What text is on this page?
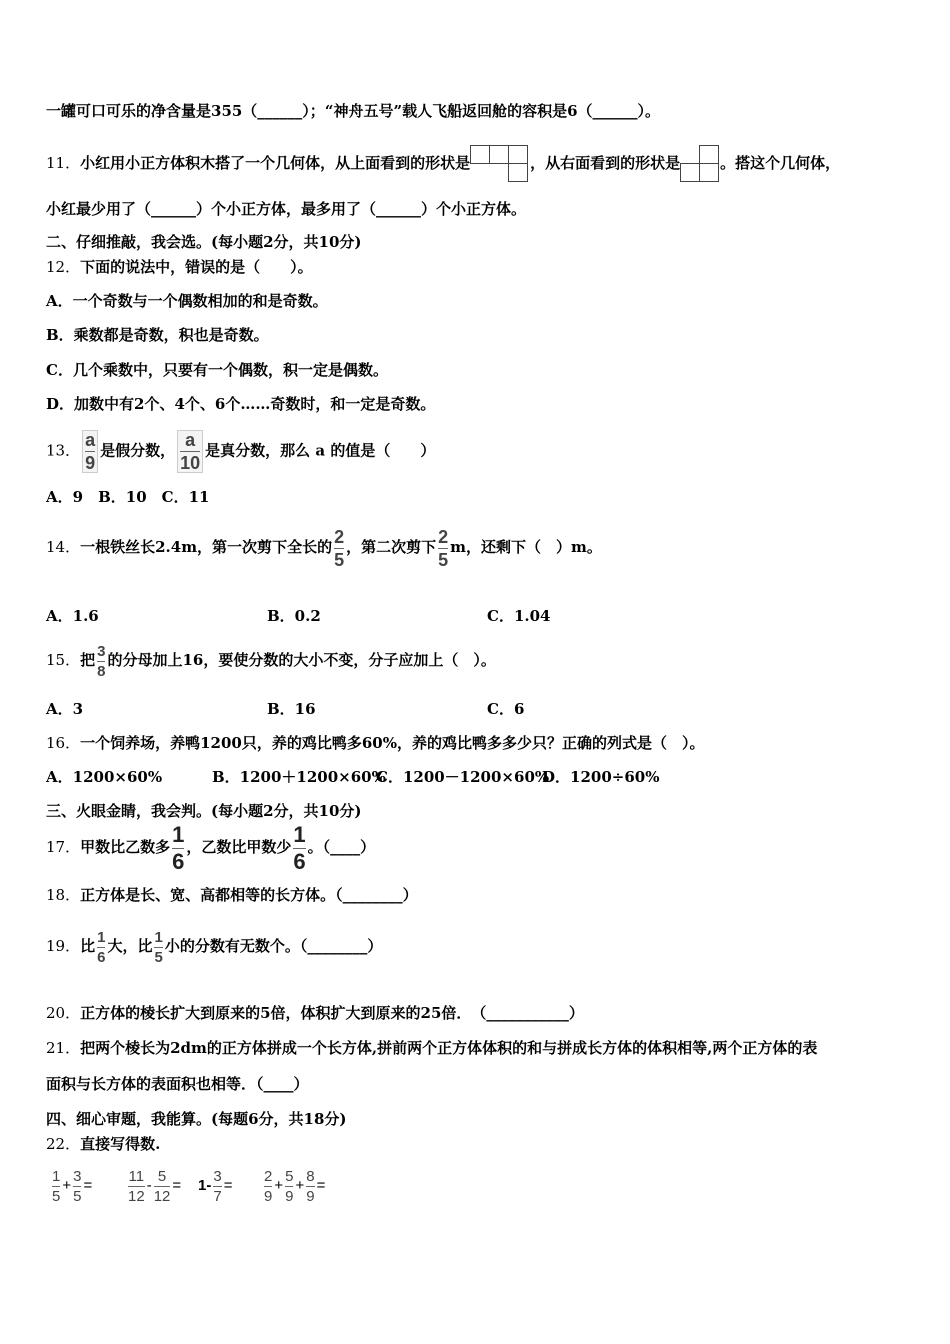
一罐可口可乐的净含量是355（______）；“神舟五号”载人飞船返回舱的容积是6（______）。
11．小红用小正方体积木搭了一个几何体，从上面看到的形状是	，从右面看到的形状是	。搭这个几何体，
小红最少用了（______）个小正方体，最多用了（______）个小正方体。
二、仔细推敲，我会选。(每小题2分，共10分)
12．下面的说法中，错误的是（　　）。
A．一个奇数与一个偶数相加的和是奇数。
B．乘数都是奇数，积也是奇数。
C．几个乘数中，只要有一个偶数，积一定是偶数。
D．加数中有2个、4个、6个……奇数时，和一定是奇数。
13． $\frac{a}{9}$ 是假分数， $\frac{a}{10}$ 是真分数，那么 a 的值是（　　）
A．9　B．10　C．11
14．一根铁丝长2.4m，第一次剪下全长的 $\frac{2}{5}$ ，第二次剪下 $\frac{2}{5}$ m，还剩下（　）m。
A．1.6	B．0.2	C．1.04
15．把 $\frac{3}{8}$ 的分母加上16，要使分数的大小不变，分子应加上（　）。
A．3	B．16	C．6
16．一个饲养场，养鸭1200只，养的鸡比鸭多60%，养的鸡比鸭多多少只？正确的列式是（　）。
A．1200×60%	B．1200＋1200×60%
C．1200－1200×60%
D．1200÷60%
三、火眼金睛，我会判。(每小题2分，共10分)
17．甲数比乙数多 $\frac{1}{6}$ ，乙数比甲数少 $\frac{1}{6}$ 。（____）
18．正方体是长、宽、高都相等的长方体。（________）
19．比 $\frac{1}{6}$ 大，比 $\frac{1}{5}$ 小的分数有无数个。（________）
20．正方体的棱长扩大到原来的5倍，体积扩大到原来的25倍．　（___________）
21．把两个棱长为2dm的正方体拼成一个长方体,拼前两个正方体体积的和与拼成长方体的体积相等,两个正方体的表
面积与长方体的表面积也相等．（____）
四、细心审题，我能算。(每题6分，共18分)
22．直接写得数.
$\frac{1}{5} + \frac{3}{5} = \frac{11}{12} - \frac{5}{12} = 1- \frac{3}{7} = \frac{2}{9} + \frac{5}{9} + \frac{8}{9}$ =
